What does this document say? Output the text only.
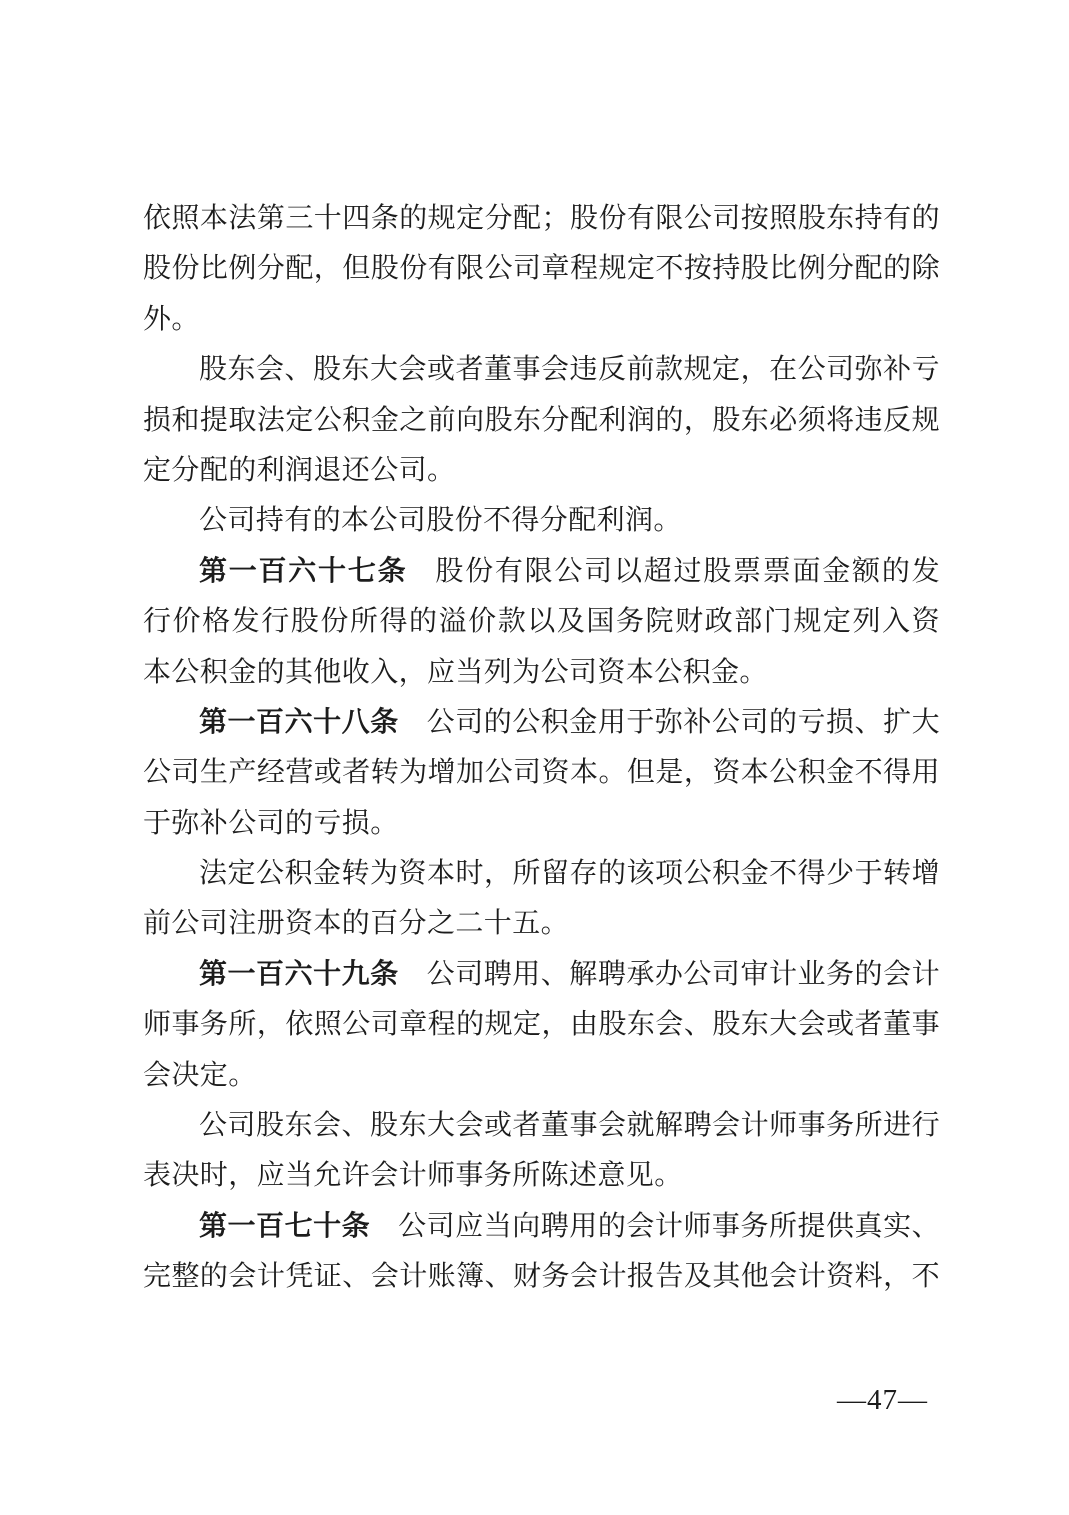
依照本法第三十四条的规定分配；股份有限公司按照股东持有的
股份比例分配，但股份有限公司章程规定不按持股比例分配的除
外。
股东会、股东大会或者董事会违反前款规定，在公司弥补亏
损和提取法定公积金之前向股东分配利润的，股东必须将违反规
定分配的利润退还公司。
公司持有的本公司股份不得分配利润。
第一百六十七条 股份有限公司以超过股票票面金额的发
行价格发行股份所得的溢价款以及国务院财政部门规定列入资
本公积金的其他收入，应当列为公司资本公积金。
第一百六十八条 公司的公积金用于弥补公司的亏损、扩大
公司生产经营或者转为增加公司资本。但是，资本公积金不得用
于弥补公司的亏损。
法定公积金转为资本时，所留存的该项公积金不得少于转增
前公司注册资本的百分之二十五。
第一百六十九条 公司聘用、解聘承办公司审计业务的会计
师事务所，依照公司章程的规定，由股东会、股东大会或者董事
会决定。
公司股东会、股东大会或者董事会就解聘会计师事务所进行
表决时，应当允许会计师事务所陈述意见。
第一百七十条 公司应当向聘用的会计师事务所提供真实、
完整的会计凭证、会计账簿、财务会计报告及其他会计资料，不
—47—
